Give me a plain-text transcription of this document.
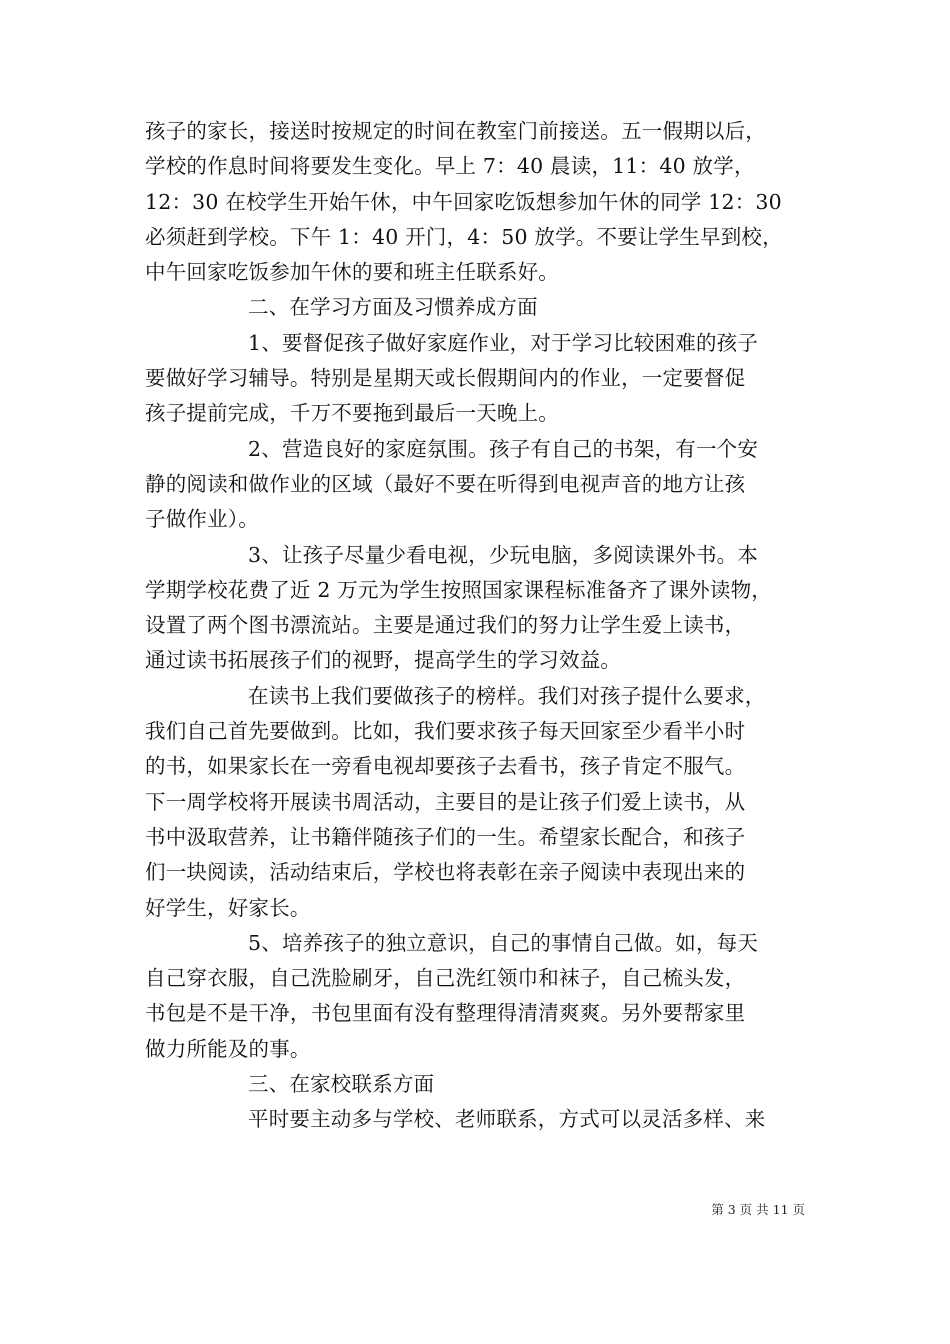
孩子的家长，接送时按规定的时间在教室门前接送。五一假期以后，
学校的作息时间将要发生变化。早上 7：40 晨读，11：40 放学，
12：30 在校学生开始午休，中午回家吃饭想参加午休的同学 12：30
必须赶到学校。下午 1：40 开门，4：50 放学。不要让学生早到校，
中午回家吃饭参加午休的要和班主任联系好。
二、在学习方面及习惯养成方面
1、要督促孩子做好家庭作业，对于学习比较困难的孩子
要做好学习辅导。特别是星期天或长假期间内的作业，一定要督促
孩子提前完成，千万不要拖到最后一天晚上。
2、营造良好的家庭氛围。孩子有自己的书架，有一个安
静的阅读和做作业的区域（最好不要在听得到电视声音的地方让孩
子做作业）。
3、让孩子尽量少看电视，少玩电脑，多阅读课外书。本
学期学校花费了近 2 万元为学生按照国家课程标准备齐了课外读物，
设置了两个图书漂流站。主要是通过我们的努力让学生爱上读书，
通过读书拓展孩子们的视野，提高学生的学习效益。
在读书上我们要做孩子的榜样。我们对孩子提什么要求，
我们自己首先要做到。比如，我们要求孩子每天回家至少看半小时
的书，如果家长在一旁看电视却要孩子去看书，孩子肯定不服气。
下一周学校将开展读书周活动，主要目的是让孩子们爱上读书，从
书中汲取营养，让书籍伴随孩子们的一生。希望家长配合，和孩子
们一块阅读，活动结束后，学校也将表彰在亲子阅读中表现出来的
好学生，好家长。
5、培养孩子的独立意识，自己的事情自己做。如，每天
自己穿衣服，自己洗脸刷牙，自己洗红领巾和袜子，自己梳头发，
书包是不是干净，书包里面有没有整理得清清爽爽。另外要帮家里
做力所能及的事。
三、在家校联系方面
平时要主动多与学校、老师联系，方式可以灵活多样、来
第 3 页 共 11 页
